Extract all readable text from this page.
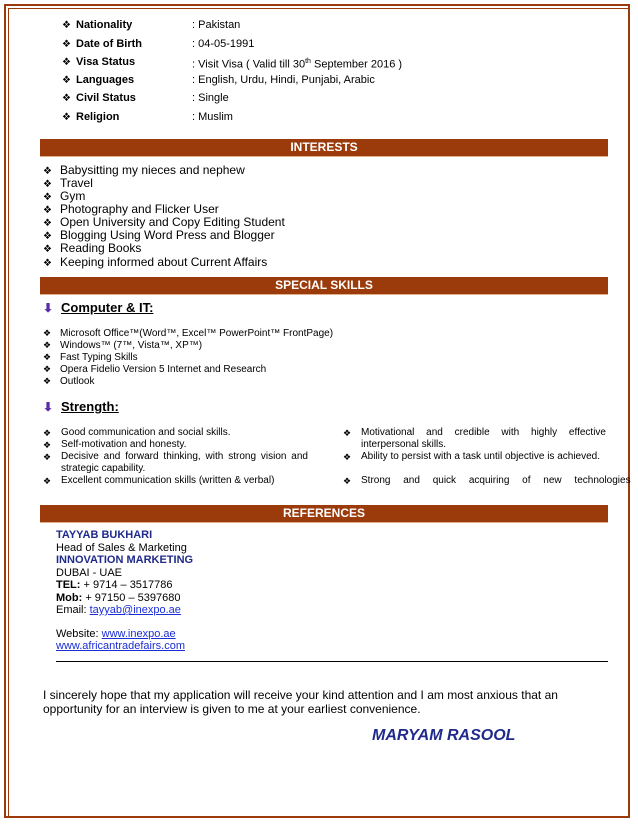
❖ Nationality	: Pakistan
❖ Date of Birth	: 04-05-1991
❖ Visa Status	: Visit Visa ( Valid till 30th September 2016 )
❖ Languages	: English, Urdu, Hindi, Punjabi, Arabic
❖ Civil Status	: Single
❖ Religion	: Muslim
INTERESTS
❖ Babysitting my nieces and nephew
❖ Travel
❖ Gym
❖ Photography and Flicker User
❖ Open University and Copy Editing Student
❖ Blogging Using Word Press and Blogger
❖ Reading Books
❖ Keeping informed about Current Affairs
SPECIAL SKILLS
⬇ Computer & IT:
❖ Microsoft Office™(Word™, Excel™ PowerPoint™ FrontPage)
❖ Windows™ (7™, Vista™, XP™)
❖ Fast Typing Skills
❖ Opera Fidelio Version 5 Internet and Research
❖ Outlook
⬇ Strength:
❖ Good communication and social skills.
❖ Self-motivation and honesty.
❖ Decisive and forward thinking, with strong vision and strategic capability.
❖ Excellent communication skills (written & verbal)
❖ Motivational and credible with highly effective interpersonal skills.
❖ Ability to persist with a task until objective is achieved.
❖ Strong and quick acquiring of new technologies
REFERENCES
TAYYAB BUKHARI
Head of Sales & Marketing
INNOVATION MARKETING
DUBAI - UAE
TEL: + 9714 – 3517786
Mob: + 97150 – 5397680
Email: tayyab@inexpo.ae
Website: www.inexpo.ae
www.africantradefairs.com
I sincerely hope that my application will receive your kind attention and I am most anxious that an opportunity for an interview is given to me at your earliest convenience.
MARYAM RASOOL
